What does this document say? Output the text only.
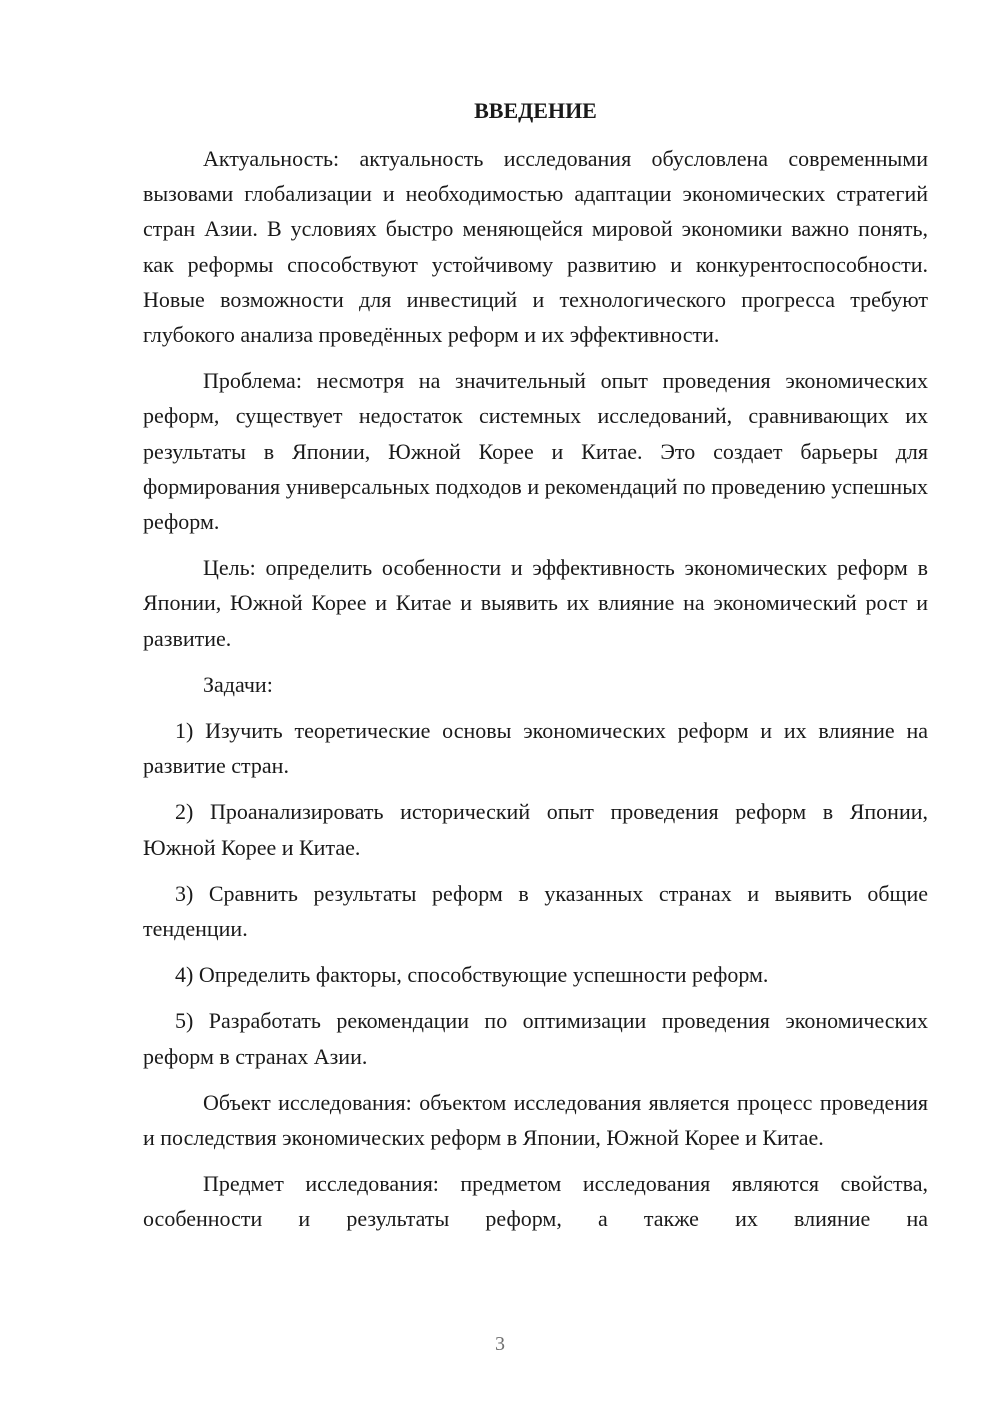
ВВЕДЕНИЕ

Актуальность: актуальность исследования обусловлена современными вызовами глобализации и необходимостью адаптации экономических стратегий стран Азии. В условиях быстро меняющейся мировой экономики важно понять, как реформы способствуют устойчивому развитию и конкурентоспособности. Новые возможности для инвестиций и технологического прогресса требуют глубокого анализа проведённых реформ и их эффективности.

Проблема: несмотря на значительный опыт проведения экономических реформ, существует недостаток системных исследований, сравнивающих их результаты в Японии, Южной Корее и Китае. Это создает барьеры для формирования универсальных подходов и рекомендаций по проведению успешных реформ.

Цель: определить особенности и эффективность экономических реформ в Японии, Южной Корее и Китае и выявить их влияние на экономический рост и развитие.

Задачи:

1) Изучить теоретические основы экономических реформ и их влияние на развитие стран.

2) Проанализировать исторический опыт проведения реформ в Японии, Южной Корее и Китае.

3) Сравнить результаты реформ в указанных странах и выявить общие тенденции.

4) Определить факторы, способствующие успешности реформ.

5) Разработать рекомендации по оптимизации проведения экономических реформ в странах Азии.

Объект исследования: объектом исследования является процесс проведения и последствия экономических реформ в Японии, Южной Корее и Китае.

Предмет исследования: предметом исследования являются свойства, особенности и результаты реформ, а также их влияние на

3
